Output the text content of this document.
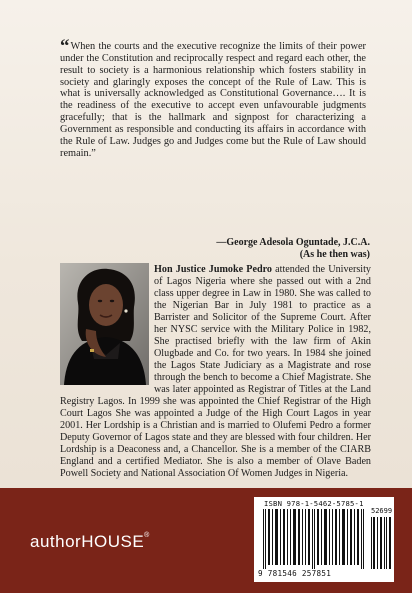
“When the courts and the executive recognize the limits of their power under the Constitution and reciprocally respect and regard each other, the result to society is a harmonious relationship which fosters stability in society and glaringly exposes the concept of the Rule of Law. This is what is universally acknowledged as Constitutional Governance…. It is the readiness of the executive to accept even unfavourable judgments gracefully; that is the hallmark and signpost for characterizing a Government as responsible and conducting its affairs in accordance with the Rule of Law. Judges go and Judges come but the Rule of Law should remain.”

—George Adesola Oguntade, J.C.A.
(As he then was)

Hon Justice Jumoke Pedro attended the University of Lagos Nigeria where she passed out with a 2nd class upper degree in Law in 1980. She was called to the Nigerian Bar in July 1981 to practice as a Barrister and Solicitor of the Supreme Court. After her NYSC service with the Military Police in 1982, She practised briefly with the law firm of Akin Olugbade and Co. for two years. In 1984 she joined the Lagos State Judiciary as a Magistrate and rose through the bench to become a Chief Magistrate. She was later appointed as Registrar of Titles at the Land Registry Lagos. In 1999 she was appointed the Chief Registrar of the High Court Lagos She was appointed a Judge of the High Court Lagos in year 2001. Her Lordship is a Christian and is married to Olufemi Pedro a former Deputy Governor of Lagos state and they are blessed with four children. Her Lordship is a Deaconess and, a Chancellor. She is a member of the CIARB England and a certified Mediator. She is also a member of Olave Baden Powell Society and National Association Of Women Judges in Nigeria.

authorHOUSE®
ISBN 978-1-5462-5785-1
52699
9 781546 257851
